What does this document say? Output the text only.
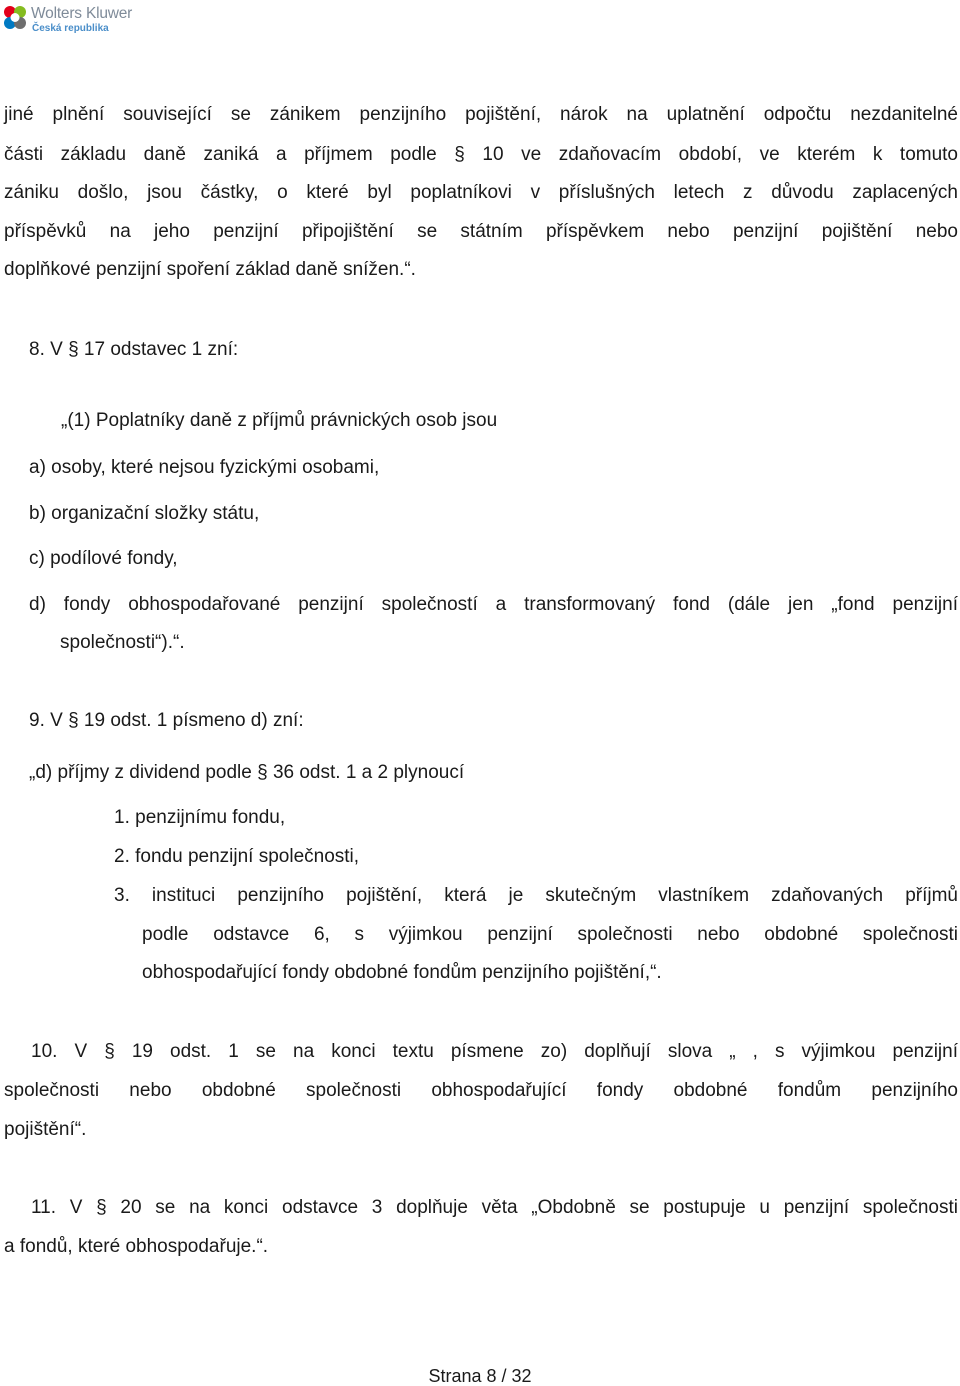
Wolters Kluwer
Česká republika
jiné plnění související se zánikem penzijního pojištění, nárok na uplatnění odpočtu nezdanitelné
části základu daně zaniká a příjmem podle § 10 ve zdaňovacím období, ve kterém k tomuto
zániku došlo, jsou částky, o které byl poplatníkovi v příslušných letech z důvodu zaplacených
příspěvků na jeho penzijní připojištění se státním příspěvkem nebo penzijní pojištění nebo
doplňkové penzijní spoření základ daně snížen.“.
8. V § 17 odstavec 1 zní:
„(1) Poplatníky daně z příjmů právnických osob jsou
a) osoby, které nejsou fyzickými osobami,
b) organizační složky státu,
c) podílové fondy,
d) fondy obhospodařované penzijní společností a transformovaný fond (dále jen „fond penzijní
společnosti“).“.
9. V § 19 odst. 1 písmeno d) zní:
„d) příjmy z dividend podle § 36 odst. 1 a 2 plynoucí
1. penzijnímu fondu,
2. fondu penzijní společnosti,
3. instituci penzijního pojištění, která je skutečným vlastníkem zdaňovaných příjmů
podle odstavce 6, s výjimkou penzijní společnosti nebo obdobné společnosti
obhospodařující fondy obdobné fondům penzijního pojištění,“.
10. V § 19 odst. 1 se na konci textu písmene zo) doplňují slova „ , s výjimkou penzijní
společnosti nebo obdobné společnosti obhospodařující fondy obdobné fondům penzijního
pojištění“.
11. V § 20 se na konci odstavce 3 doplňuje věta „Obdobně se postupuje u penzijní společnosti
a fondů, které obhospodařuje.“.
Strana 8 / 32
